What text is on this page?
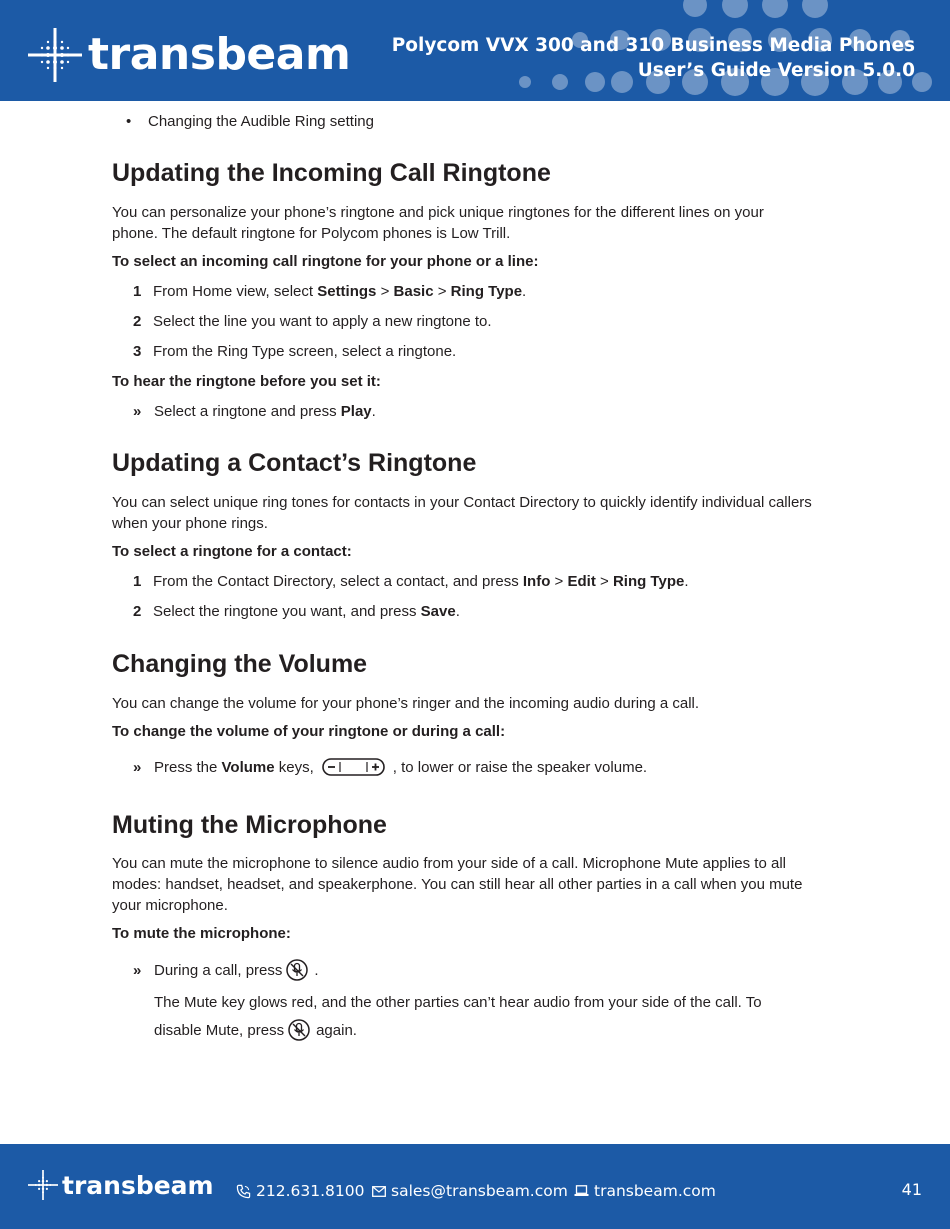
transbeam Polycom VVX 300 and 310 Business Media Phones
User’s Guide Version 5.0.0
•	Changing the Audible Ring setting
Updating the Incoming Call Ringtone

You can personalize your phone’s ringtone and pick unique ringtones for the different lines on your
phone. The default ringtone for Polycom phones is Low Trill.

To select an incoming call ringtone for your phone or a line:

1 From Home view, select Settings > Basic > Ring Type.
2 Select the line you want to apply a new ringtone to.
3 From the Ring Type screen, select a ringtone.

To hear the ringtone before you set it:

» Select a ringtone and press Play.
Updating a Contact’s Ringtone

You can select unique ring tones for contacts in your Contact Directory to quickly identify individual callers
when your phone rings.

To select a ringtone for a contact:

1 From the Contact Directory, select a contact, and press Info > Edit > Ring Type.
2 Select the ringtone you want, and press Save.
Changing the Volume

You can change the volume for your phone’s ringer and the incoming audio during a call.

To change the volume of your ringtone or during a call:

» Press the Volume keys,	, to lower or raise the speaker volume.
Muting the Microphone

You can mute the microphone to silence audio from your side of a call. Microphone Mute applies to all
modes: handset, headset, and speakerphone. You can still hear all other parties in a call when you mute
your microphone.

To mute the microphone:

» During a call, press .
The Mute key glows red, and the other parties can’t hear audio from your side of the call. To
disable Mute, press again.
transbeam	212.631.8100 sales@transbeam.com transbeam.com	41
